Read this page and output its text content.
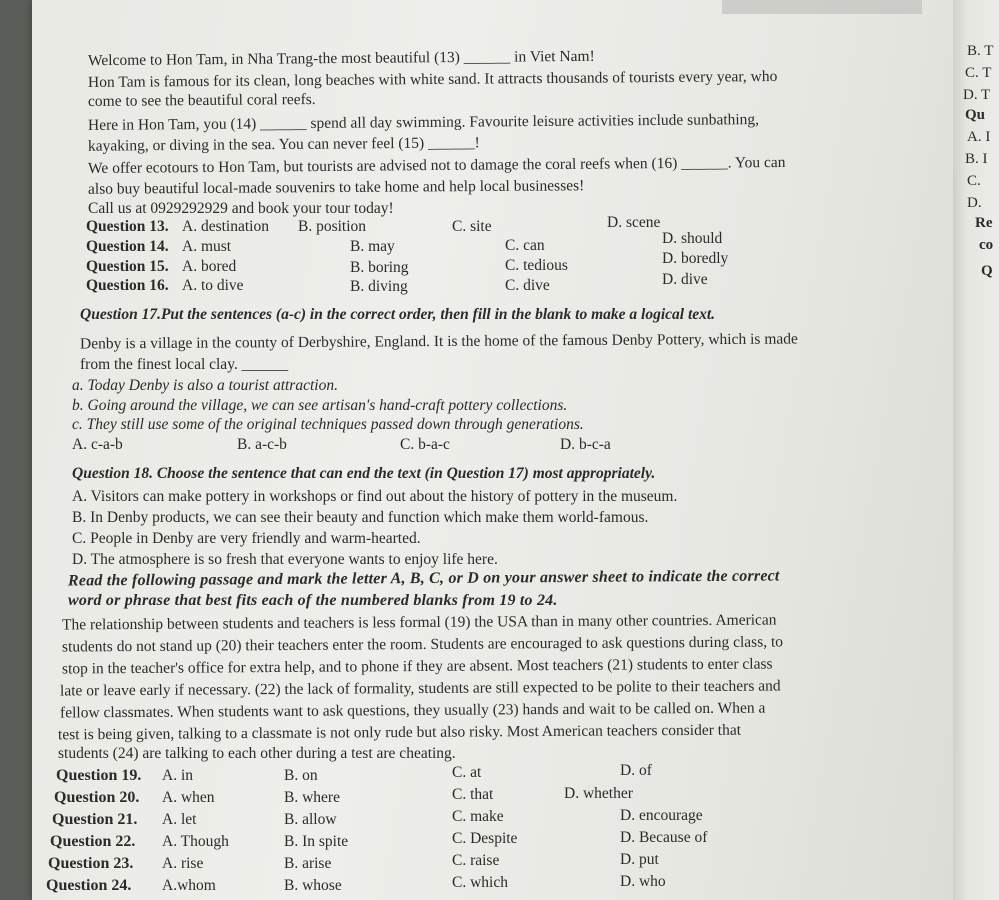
Welcome to Hon Tam, in Nha Trang-the most beautiful (13) ______ in Viet Nam!
Hon Tam is famous for its clean, long beaches with white sand. It attracts thousands of tourists every year, who
come to see the beautiful coral reefs.
Here in Hon Tam, you (14) ______ spend all day swimming. Favourite leisure activities include sunbathing,
kayaking, or diving in the sea. You can never feel (15) ______!
We offer ecotours to Hon Tam, but tourists are advised not to damage the coral reefs when (16) ______. You can
also buy beautiful local-made souvenirs to take home and help local businesses!
Call us at 0929292929 and book your tour today!
Question 13. A. destination B. position	C. site	D. scene
Question 14. A. must	B. may	C. can	D. should
Question 15. A. bored	B. boring	C. tedious	D. boredly
Question 16. A. to dive	B. diving	C. dive	D. dive
Question 17.Put the sentences (a-c) in the correct order, then fill in the blank to make a logical text.
Denby is a village in the county of Derbyshire, England. It is the home of the famous Denby Pottery, which is made
from the finest local clay. ______
a. Today Denby is also a tourist attraction.
b. Going around the village, we can see artisan's hand-craft pottery collections.
c. They still use some of the original techniques passed down through generations.
A. c-a-b	B. a-c-b	C. b-a-c	D. b-c-a
Question 18. Choose the sentence that can end the text (in Question 17) most appropriately.
A. Visitors can make pottery in workshops or find out about the history of pottery in the museum.
B. In Denby products, we can see their beauty and function which make them world-famous.
C. People in Denby are very friendly and warm-hearted.
D. The atmosphere is so fresh that everyone wants to enjoy life here.
Read the following passage and mark the letter A, B, C, or D on your answer sheet to indicate the correct
word or phrase that best fits each of the numbered blanks from 19 to 24.
The relationship between students and teachers is less formal (19) the USA than in many other countries. American
students do not stand up (20) their teachers enter the room. Students are encouraged to ask questions during class, to
stop in the teacher's office for extra help, and to phone if they are absent. Most teachers (21) students to enter class
late or leave early if necessary. (22) the lack of formality, students are still expected to be polite to their teachers and
fellow classmates. When students want to ask questions, they usually (23) hands and wait to be called on. When a
test is being given, talking to a classmate is not only rude but also risky. Most American teachers consider that
students (24) are talking to each other during a test are cheating.
Question 19. A. in	B. on	C. at	D. of
Question 20. A. when	B. where	C. that	D. whether
Question 21. A. let	B. allow	C. make	D. encourage
Question 22. A. Though	B. In spite	C. Despite	D. Because of
Question 23. A. rise	B. arise	C. raise	D. put
Question 24. A.whom	B. whose	C. which	D. who
B. T
C. T
D. T
Qu
A. I
B. I
C.
D.
Re
co
Q
